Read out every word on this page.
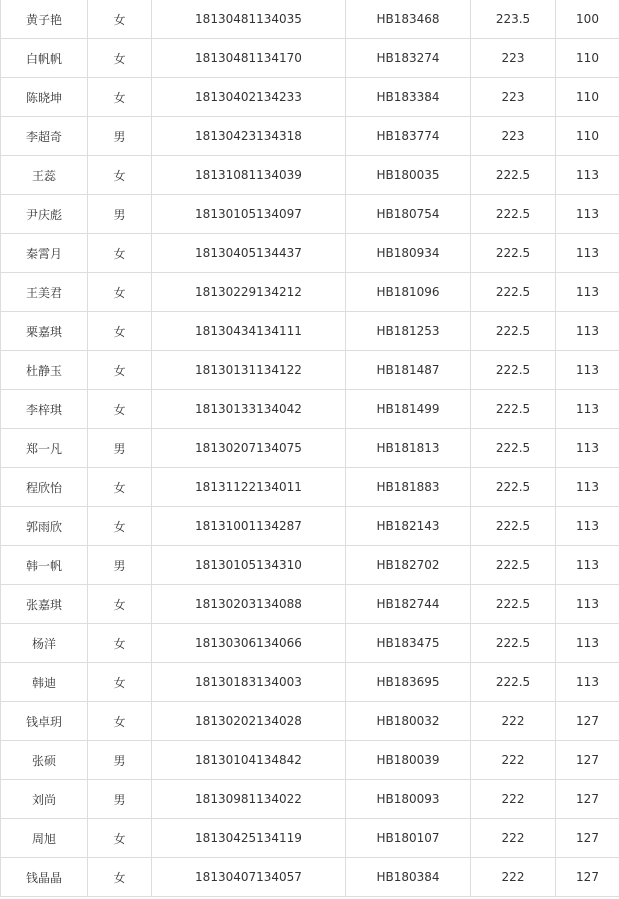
黄子艳	女	18130481134035	HB183468	223.5	100
白帆帆	女	18130481134170	HB183274	223	110
陈晓坤	女	18130402134233	HB183384	223	110
李超奇	男	18130423134318	HB183774	223	110
王蕊	女	18131081134039	HB180035	222.5	113
尹庆彪	男	18130105134097	HB180754	222.5	113
秦霄月	女	18130405134437	HB180934	222.5	113
王美君	女	18130229134212	HB181096	222.5	113
栗嘉琪	女	18130434134111	HB181253	222.5	113
杜静玉	女	18130131134122	HB181487	222.5	113
李梓琪	女	18130133134042	HB181499	222.5	113
郑一凡	男	18130207134075	HB181813	222.5	113
程欣怡	女	18131122134011	HB181883	222.5	113
郭雨欣	女	18131001134287	HB182143	222.5	113
韩一帆	男	18130105134310	HB182702	222.5	113
张嘉琪	女	18130203134088	HB182744	222.5	113
杨洋	女	18130306134066	HB183475	222.5	113
韩迪	女	18130183134003	HB183695	222.5	113
钱卓玥	女	18130202134028	HB180032	222	127
张硕	男	18130104134842	HB180039	222	127
刘尚	男	18130981134022	HB180093	222	127
周旭	女	18130425134119	HB180107	222	127
钱晶晶	女	18130407134057	HB180384	222	127
